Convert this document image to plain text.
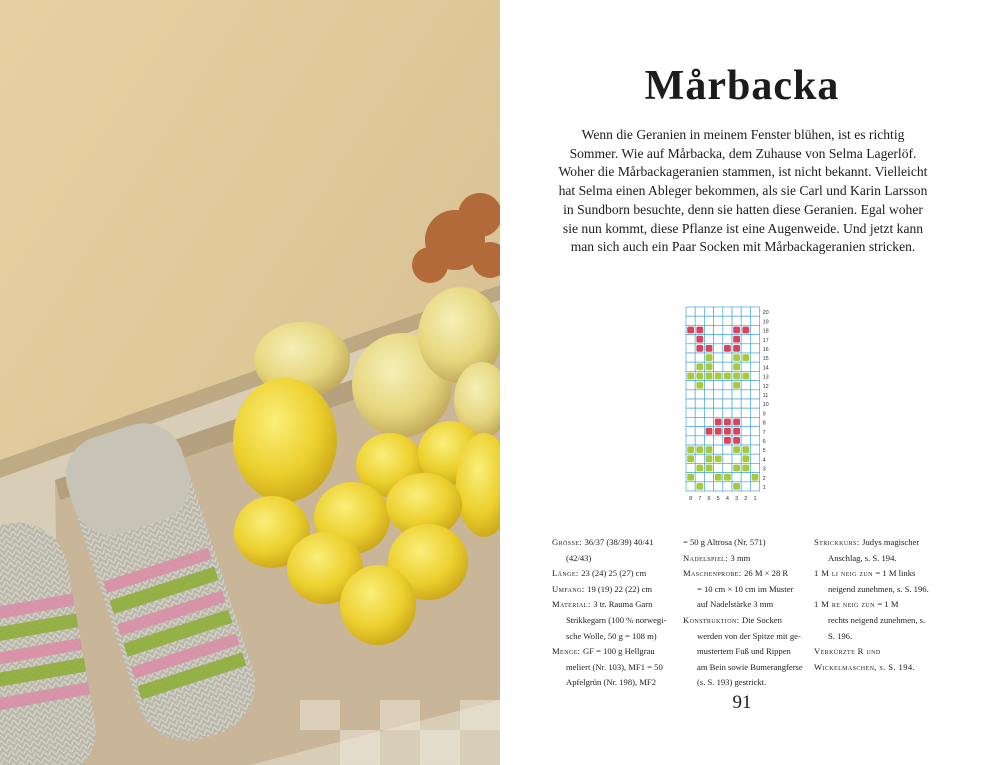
Mårbacka
Wenn die Geranien in meinem Fenster blühen, ist es richtig Sommer. Wie auf Mårbacka, dem Zuhause von Selma Lagerlöf. Woher die Mårbackageranien stammen, ist nicht bekannt. Vielleicht hat Selma einen Ableger bekommen, als sie Carl und Karin Larsson in Sundborn besuchte, denn sie hatten diese Geranien. Egal woher sie nun kommt, diese Pflanze ist eine Augenweide. Und jetzt kann man sich auch ein Paar Socken mit Mårbackageranien stricken.
20
19
18
17
16
15
14
13
12
11
10
9
8
7
6
5
4
3
2
1
8 7 6 5 4 3 2 1
Grösse: 36/37 (38/39) 40/41
(42/43)
Länge: 23 (24) 25 (27) cm
Umfang: 19 (19) 22 (22) cm
Material: 3 tr. Rauma Garn
Strikkegarn (100 % norwegi-
sche Wolle, 50 g = 108 m)
Menge: GF = 100 g Hellgrau
meliert (Nr. 103), MF1 = 50
Apfelgrün (Nr. 198), MF2
= 50 g Altrosa (Nr. 571)
Nadelspiel: 3 mm
Maschenprobe: 26 M × 28 R
= 10 cm × 10 cm im Muster
auf Nadelstärke 3 mm
Konstruktion: Die Socken
werden von der Spitze mit ge-
mustertem Fuß und Rippen
am Bein sowie Bumerangferse
(s. S. 193) gestrickt.
Strickkurs: Judys magischer
Anschlag, s. S. 194.
1 M li neig zun = 1 M links
neigend zunehmen, s. S. 196.
1 M re neig zun = 1 M
rechts neigend zunehmen, s.
S. 196.
Verkürzte R und
Wickelmaschen, s. S. 194.
91
